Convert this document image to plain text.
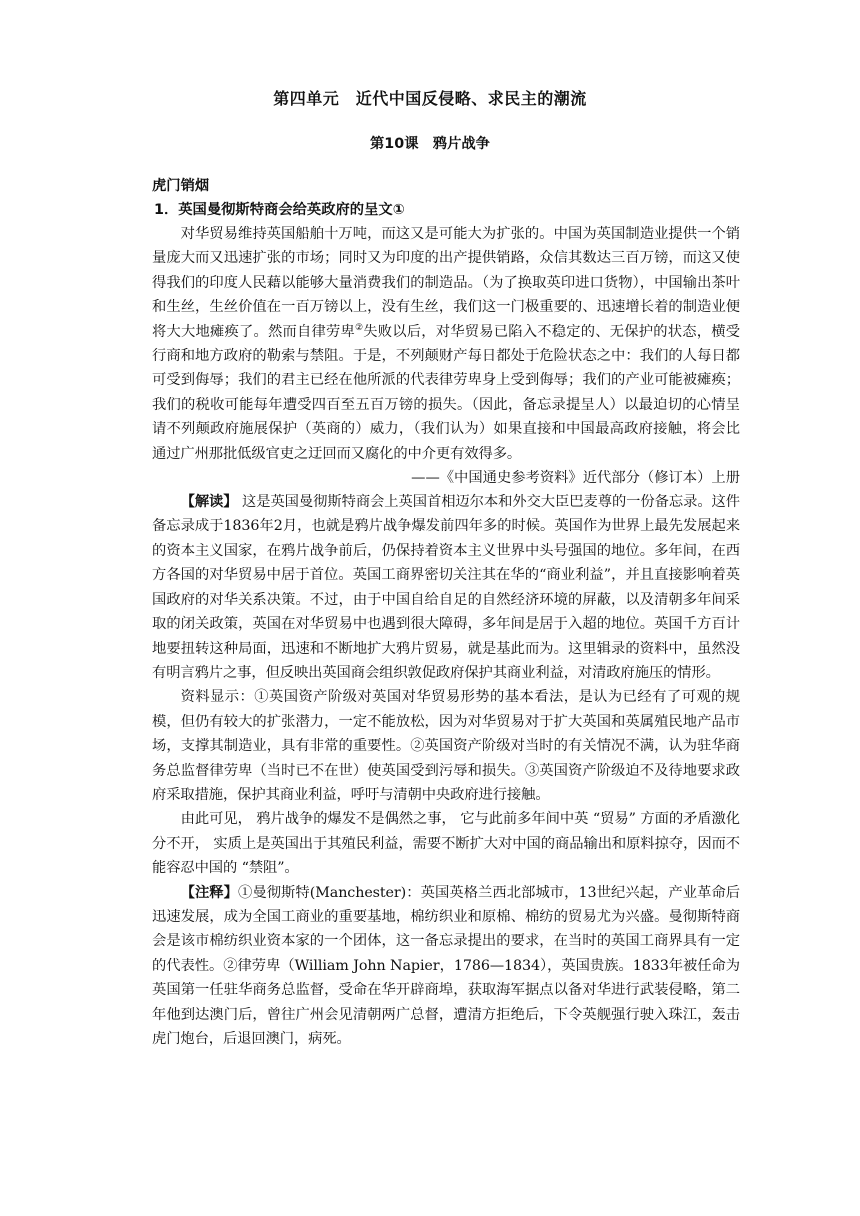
第四单元　近代中国反侵略、求民主的潮流
第10课　鸦片战争
虎门销烟
1．英国曼彻斯特商会给英政府的呈文①

对华贸易维持英国船舶十万吨，而这又是可能大为扩张的。中国为英国制造业提供一个销量庞大而又迅速扩张的市场；同时又为印度的出产提供销路，众信其数达三百万镑，而这又使得我们的印度人民藉以能够大量消费我们的制造品。（为了换取英印进口货物），中国输出茶叶和生丝，生丝价值在一百万镑以上，没有生丝，我们这一门极重要的、迅速增长着的制造业便将大大地瘫痪了。然而自律劳卑②失败以后，对华贸易已陷入不稳定的、无保护的状态，横受行商和地方政府的勒索与禁阻。于是，不列颠财产每日都处于危险状态之中：我们的人每日都可受到侮辱；我们的君主已经在他所派的代表律劳卑身上受到侮辱；我们的产业可能被瘫痪；我们的税收可能每年遭受四百至五百万镑的损失。（因此，备忘录提呈人）以最迫切的心情呈请不列颠政府施展保护（英商的）威力，（我们认为）如果直接和中国最高政府接触，将会比通过广州那批低级官吏之迂回而又腐化的中介更有效得多。

——《中国通史参考资料》近代部分（修订本）上册

【解读】 这是英国曼彻斯特商会上英国首相迈尔本和外交大臣巴麦尊的一份备忘录。这件备忘录成于1836年2月，也就是鸦片战争爆发前四年多的时候。英国作为世界上最先发展起来的资本主义国家，在鸦片战争前后，仍保持着资本主义世界中头号强国的地位。多年间，在西方各国的对华贸易中居于首位。英国工商界密切关注其在华的“商业利益”，并且直接影响着英国政府的对华关系决策。不过，由于中国自给自足的自然经济环境的屏蔽，以及清朝多年间采取的闭关政策，英国在对华贸易中也遇到很大障碍，多年间是居于入超的地位。英国千方百计地要扭转这种局面，迅速和不断地扩大鸦片贸易，就是基此而为。这里辑录的资料中，虽然没有明言鸦片之事，但反映出英国商会组织敦促政府保护其商业利益，对清政府施压的情形。

资料显示：①英国资产阶级对英国对华贸易形势的基本看法，是认为已经有了可观的规模，但仍有较大的扩张潜力，一定不能放松，因为对华贸易对于扩大英国和英属殖民地产品市场，支撑其制造业，具有非常的重要性。②英国资产阶级对当时的有关情况不满，认为驻华商务总监督律劳卑（当时已不在世）使英国受到污辱和损失。③英国资产阶级迫不及待地要求政府采取措施，保护其商业利益，呼吁与清朝中央政府进行接触。

由此可见， 鸦片战争的爆发不是偶然之事， 它与此前多年间中英 “贸易” 方面的矛盾激化分不开， 实质上是英国出于其殖民利益，需要不断扩大对中国的商品输出和原料掠夺，因而不能容忍中国的 “禁阻”。

【注释】①曼彻斯特(Manchester)：英国英格兰西北部城市，13世纪兴起，产业革命后迅速发展，成为全国工商业的重要基地，棉纺织业和原棉、棉纺的贸易尤为兴盛。曼彻斯特商会是该市棉纺织业资本家的一个团体，这一备忘录提出的要求，在当时的英国工商界具有一定的代表性。②律劳卑（William John Napier，1786—1834），英国贵族。1833年被任命为英国第一任驻华商务总监督，受命在华开辟商埠，获取海军据点以备对华进行武装侵略，第二年他到达澳门后，曾往广州会见清朝两广总督，遭清方拒绝后，下令英舰强行驶入珠江，轰击虎门炮台，后退回澳门，病死。
